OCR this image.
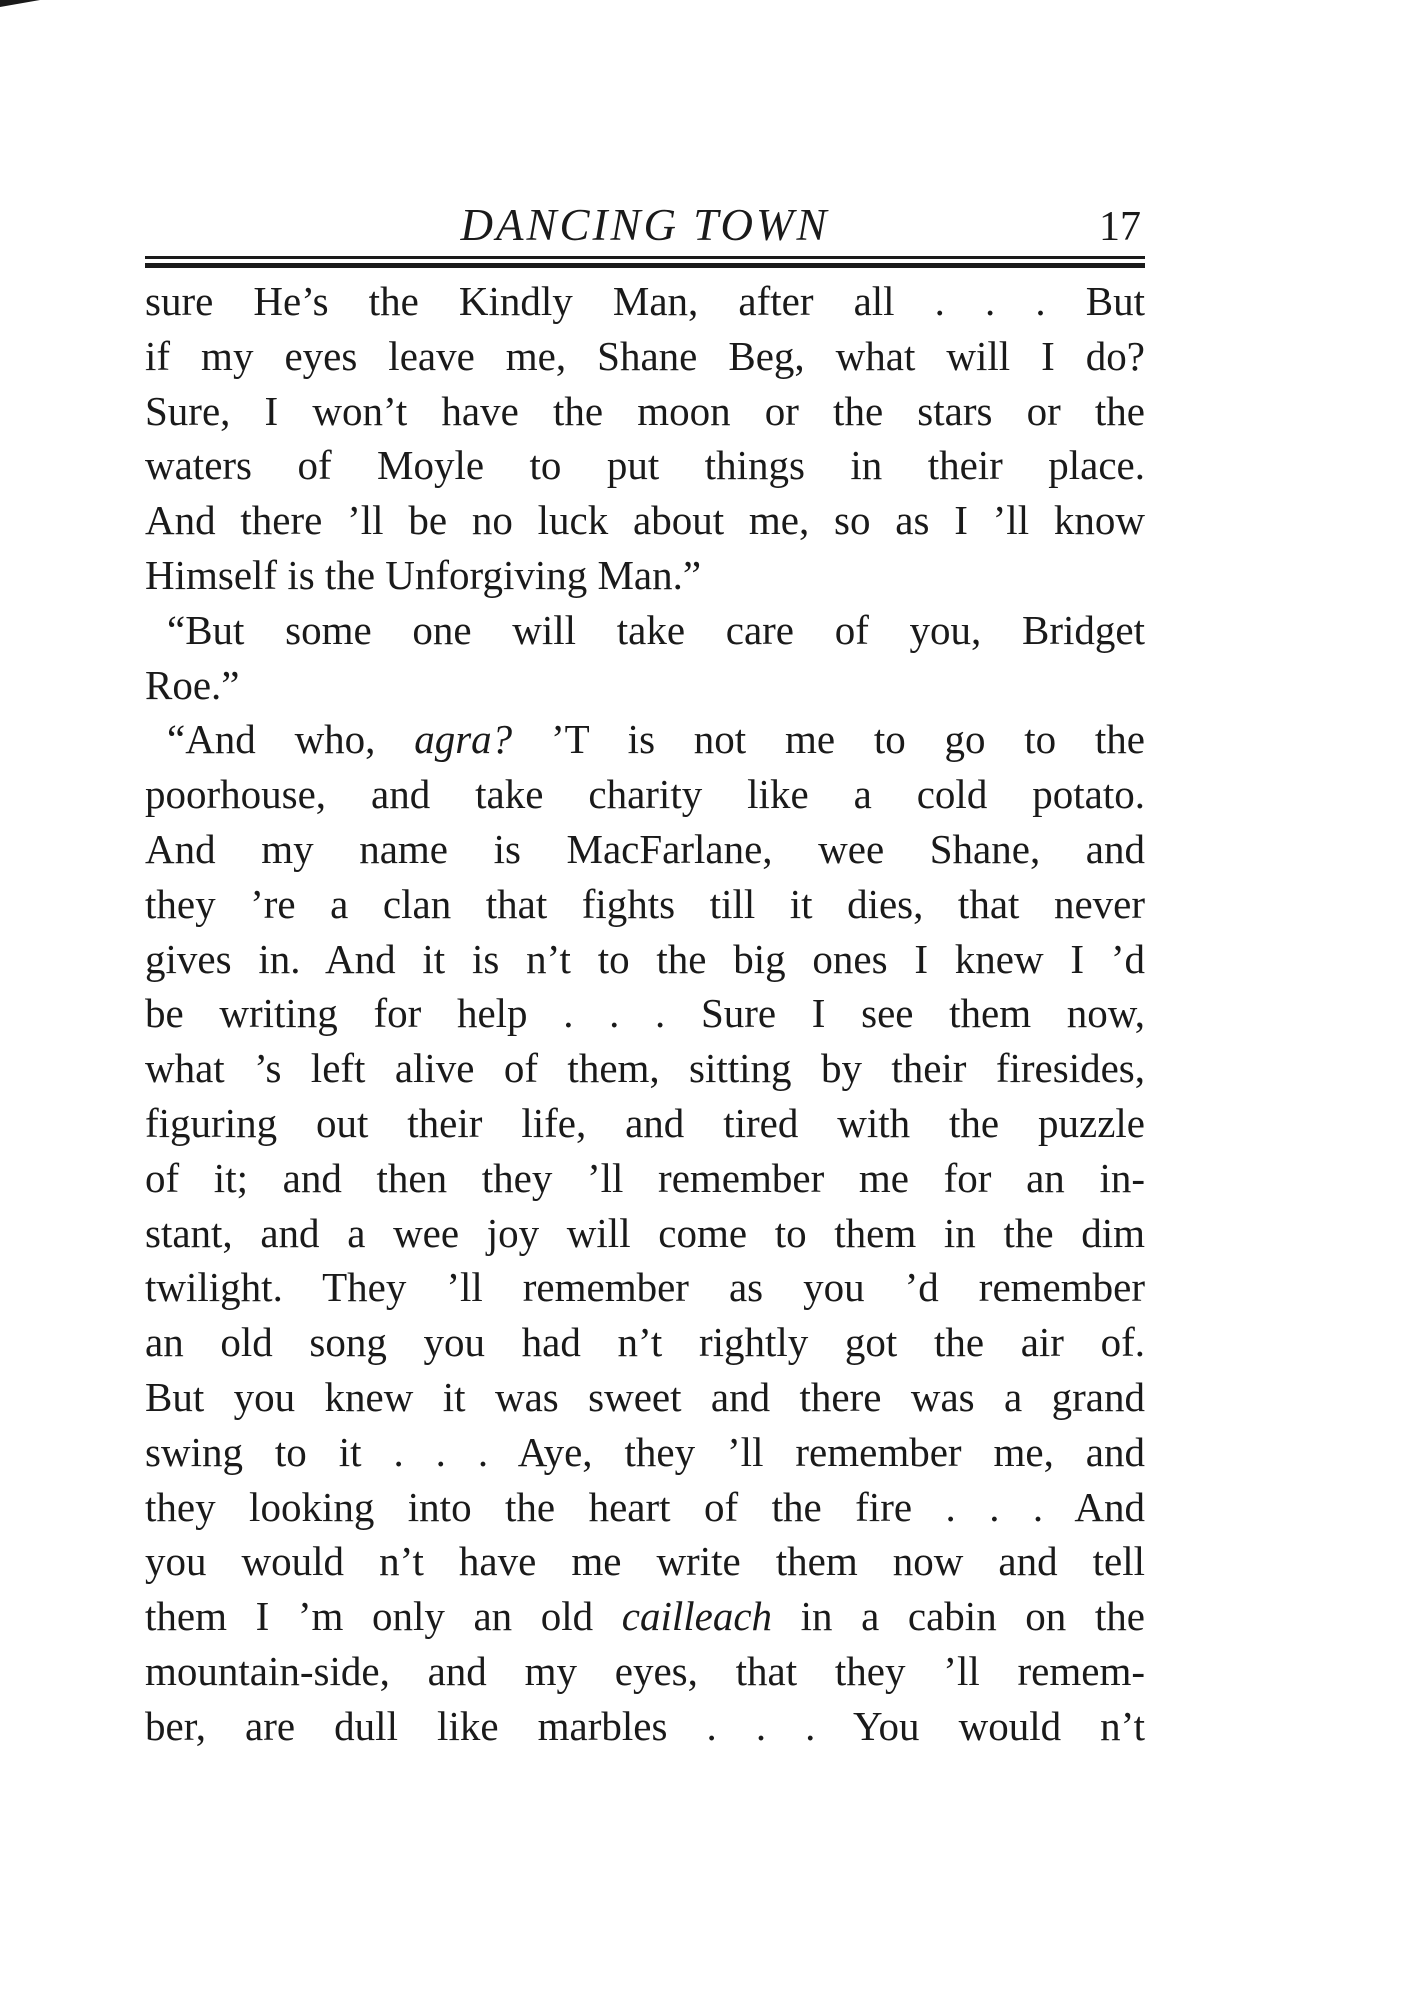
DANCING TOWN	17
sure He’s the Kindly Man, after all . . . But
if my eyes leave me, Shane Beg, what will I do?
Sure, I won’t have the moon or the stars or the
waters of Moyle to put things in their place.
And there ’ll be no luck about me, so as I ’ll know
Himself is the Unforgiving Man.”
“But some one will take care of you, Bridget
Roe.”
“And who, agra? ’T is not me to go to the
poorhouse, and take charity like a cold potato.
And my name is MacFarlane, wee Shane, and
they ’re a clan that fights till it dies, that never
gives in. And it is n’t to the big ones I knew I ’d
be writing for help . . . Sure I see them now,
what ’s left alive of them, sitting by their firesides,
figuring out their life, and tired with the puzzle
of it; and then they ’ll remember me for an in-
stant, and a wee joy will come to them in the dim
twilight. They ’ll remember as you ’d remember
an old song you had n’t rightly got the air of.
But you knew it was sweet and there was a grand
swing to it . . . Aye, they ’ll remember me, and
they looking into the heart of the fire . . . And
you would n’t have me write them now and tell
them I ’m only an old cailleach in a cabin on the
mountain-side, and my eyes, that they ’ll remem-
ber, are dull like marbles . . . You would n’t
